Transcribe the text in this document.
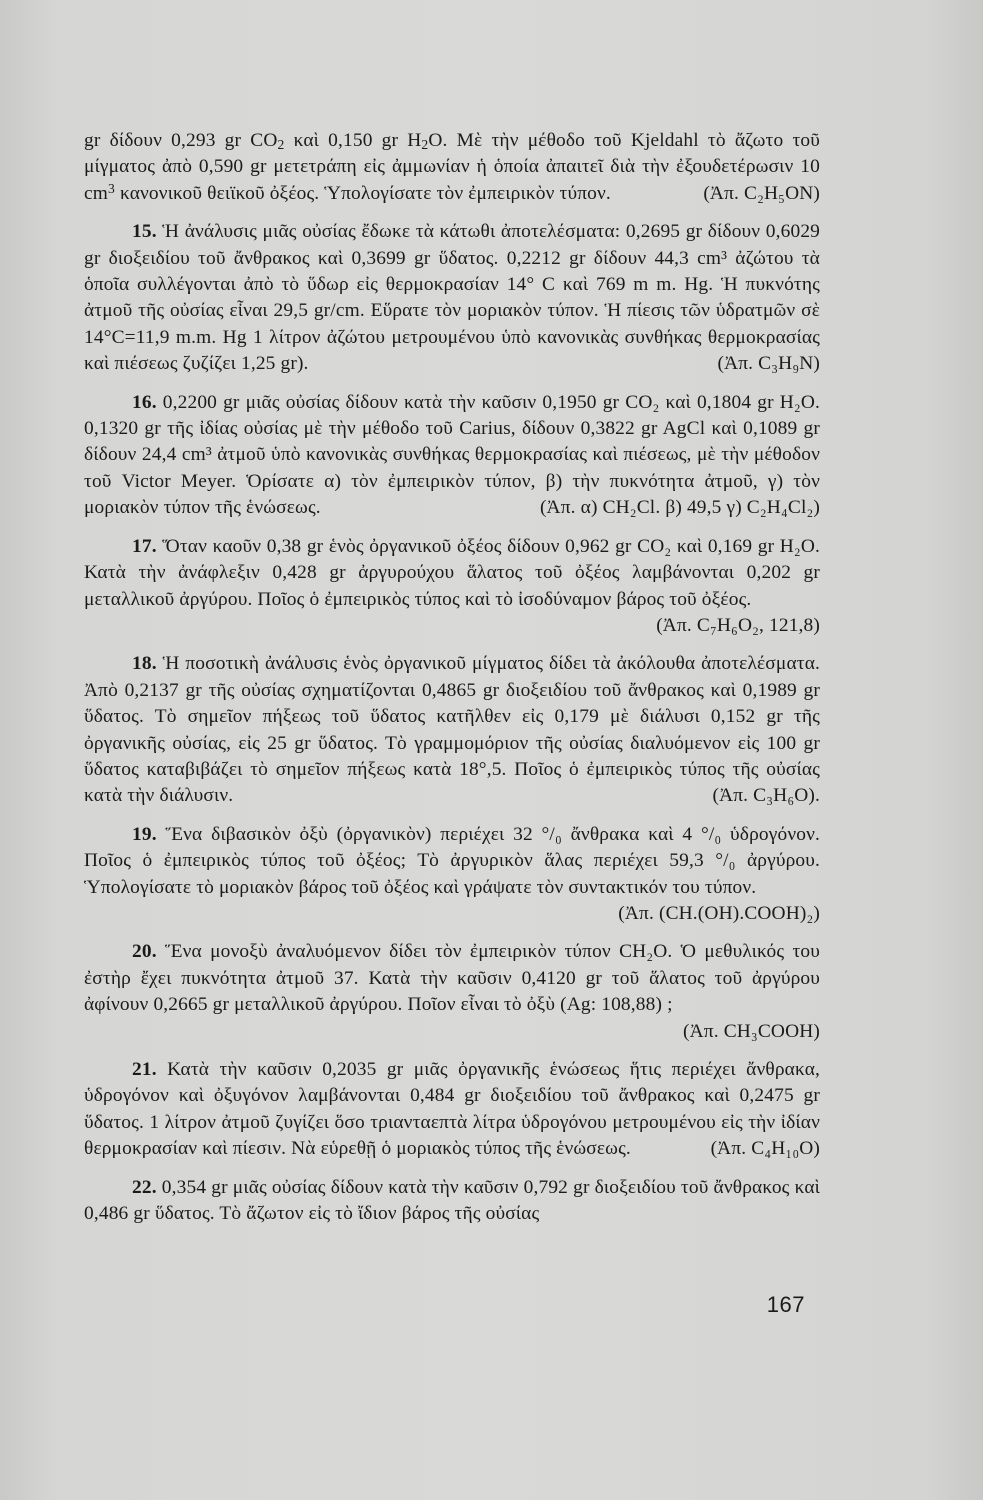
gr δίδουν 0,293 gr $CO_2$ καὶ 0,150 gr $H_2O$. Μὲ τὴν μέθοδο τοῦ Kjeldahl τὸ ἄζωτο τοῦ μίγματος ἀπὸ 0,590 gr μετετράπη εἰς ἀμμωνίαν ἡ ὁποία ἀπαιτεῖ διὰ τὴν ἐξουδετέρωσιν 10 $cm^3$ κανονικοῦ θειϊκοῦ ὀξέος. Ὑπολογίσατε τὸν ἐμπειρικὸν τύπον.	(Ἀπ. C₂H₅ON)

15. Ἡ ἀνάλυσις μιᾶς οὐσίας ἔδωκε τὰ κάτωθι ἀποτελέσματα: 0,2695 gr δίδουν 0,6029 gr διοξειδίου τοῦ ἄνθρακος καὶ 0,3699 gr ὕδατος. 0,2212 gr δίδουν 44,3 cm³ ἀζώτου τὰ ὁποῖα συλλέγονται ἀπὸ τὸ ὕδωρ εἰς θερμοκρασίαν 14° C καὶ 769 m m. Hg. Ἡ πυκνότης ἀτμοῦ τῆς οὐσίας εἶναι 29,5 gr/cm. Εὕρατε τὸν μοριακὸν τύπον. Ἡ πίεσις τῶν ὑδρατμῶν σὲ 14°C=11,9 m.m. Hg 1 λίτρον ἀζώτου μετρουμένου ὑπὸ κανονικὰς συνθήκας θερμοκρασίας καὶ πιέσεως ζυζίζει 1,25 gr).	(Ἀπ. C₃H₉N)

16. 0,2200 gr μιᾶς οὐσίας δίδουν κατὰ τὴν καῦσιν 0,1950 gr CO₂ καὶ 0,1804 gr H₂O. 0,1320 gr τῆς ἰδίας οὐσίας μὲ τὴν μέθοδο τοῦ Carius, δίδουν 0,3822 gr AgCl καὶ 0,1089 gr δίδουν 24,4 cm³ ἀτμοῦ ὑπὸ κανονικὰς συνθήκας θερμοκρασίας καὶ πιέσεως, μὲ τὴν μέθοδον τοῦ Victor Meyer. Ὁρίσατε α) τὸν ἐμπειρικὸν τύπον, β) τὴν πυκνότητα ἀτμοῦ, γ) τὸν μοριακὸν τύπον τῆς ἑνώσεως.	(Ἀπ. α) CH₂Cl. β) 49,5 γ) C₂H₄Cl₂)

17. Ὅταν καοῦν 0,38 gr ἑνὸς ὀργανικοῦ ὀξέος δίδουν 0,962 gr CO₂ καὶ 0,169 gr H₂O. Κατὰ τὴν ἀνάφλεξιν 0,428 gr ἀργυρούχου ἅλατος τοῦ ὀξέος λαμβάνονται 0,202 gr μεταλλικοῦ ἀργύρου. Ποῖος ὁ ἐμπειρικὸς τύπος καὶ τὸ ἰσοδύναμον βάρος τοῦ ὀξέος.
(Ἀπ. C₇H₆O₂, 121,8)

18. Ἡ ποσοτικὴ ἀνάλυσις ἑνὸς ὀργανικοῦ μίγματος δίδει τὰ ἀκόλουθα ἀποτελέσματα. Ἀπὸ 0,2137 gr τῆς οὐσίας σχηματίζονται 0,4865 gr διοξειδίου τοῦ ἄνθρακος καὶ 0,1989 gr ὕδατος. Τὸ σημεῖον πήξεως τοῦ ὕδατος κατῆλθεν εἰς 0,179 μὲ διάλυσι 0,152 gr τῆς ὀργανικῆς οὐσίας, εἰς 25 gr ὕδατος. Τὸ γραμμομόριον τῆς οὐσίας διαλυόμενον εἰς 100 gr ὕδατος καταβιβάζει τὸ σημεῖον πήξεως κατὰ 18°,5. Ποῖος ὁ ἐμπειρικὸς τύπος τῆς οὐσίας κατὰ τὴν διάλυσιν.	(Ἀπ. C₃H₆O).

19. Ἕνα διβασικὸν ὀξὺ (ὀργανικὸν) περιέχει 32 °/₀ ἄνθρακα καὶ 4 °/₀ ὑδρογόνον. Ποῖος ὁ ἐμπειρικὸς τύπος τοῦ ὀξέος; Τὸ ἀργυρικὸν ἅλας περιέχει 59,3 °/₀ ἀργύρου. Ὑπολογίσατε τὸ μοριακὸν βάρος τοῦ ὀξέος καὶ γράψατε τὸν συντακτικόν του τύπον.
(Ἀπ. (CH.(OH).COOH)₂)

20. Ἕνα μονοξὺ ἀναλυόμενον δίδει τὸν ἐμπειρικὸν τύπον CH₂O. Ὁ μεθυλικός του ἐστὴρ ἔχει πυκνότητα ἀτμοῦ 37. Κατὰ τὴν καῦσιν 0,4120 gr τοῦ ἅλατος τοῦ ἀργύρου ἀφίνουν 0,2665 gr μεταλλικοῦ ἀργύρου. Ποῖον εἶναι τὸ ὀξὺ (Ag: 108,88) ;
(Ἀπ. CH₃COOH)

21. Κατὰ τὴν καῦσιν 0,2035 gr μιᾶς ὀργανικῆς ἑνώσεως ἥτις περιέχει ἄνθρακα, ὑδρογόνον καὶ ὀξυγόνον λαμβάνονται 0,484 gr διοξειδίου τοῦ ἄνθρακος καὶ 0,2475 gr ὕδατος. 1 λίτρον ἀτμοῦ ζυγίζει ὅσο τριανταεπτὰ λίτρα ὑδρογόνου μετρουμένου εἰς τὴν ἰδίαν θερμοκρασίαν καὶ πίεσιν. Νὰ εὑρεθῇ ὁ μοριακὸς τύπος τῆς ἑνώσεως.	(Ἀπ. C₄H₁₀O)

22. 0,354 gr μιᾶς οὐσίας δίδουν κατὰ τὴν καῦσιν 0,792 gr διοξειδίου τοῦ ἄνθρακος καὶ 0,486 gr ὕδατος. Τὸ ἄζωτον εἰς τὸ ἴδιον βάρος τῆς οὐσίας

167
